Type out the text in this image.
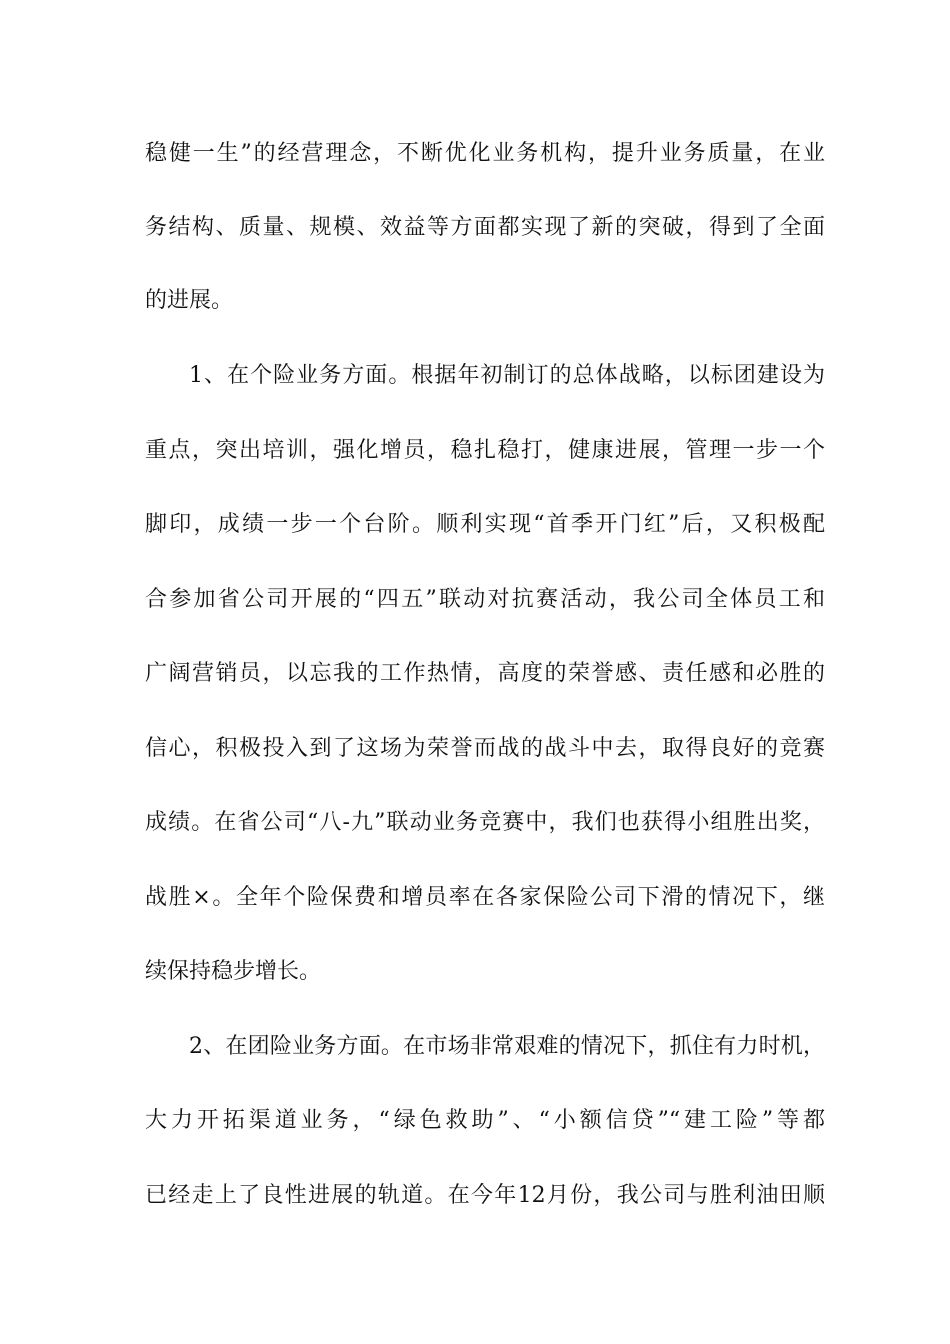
稳健一生”的经营理念，不断优化业务机构，提升业务质量，在业
务结构、质量、规模、效益等方面都实现了新的突破，得到了全面
的进展。
1、在个险业务方面。根据年初制订的总体战略，以标团建设为
重点，突出培训，强化增员，稳扎稳打，健康进展，管理一步一个
脚印，成绩一步一个台阶。顺利实现“首季开门红”后，又积极配
合参加省公司开展的“四五”联动对抗赛活动，我公司全体员工和
广阔营销员，以忘我的工作热情，高度的荣誉感、责任感和必胜的
信心，积极投入到了这场为荣誉而战的战斗中去，取得良好的竞赛
成绩。在省公司“八-九”联动业务竞赛中，我们也获得小组胜出奖，
战胜×。全年个险保费和增员率在各家保险公司下滑的情况下，继
续保持稳步增长。
2、在团险业务方面。在市场非常艰难的情况下，抓住有力时机，
大力开拓渠道业务，“绿色救助”、“小额信贷”“建工险”等都
已经走上了良性进展的轨道。在今年12月份，我公司与胜利油田顺
